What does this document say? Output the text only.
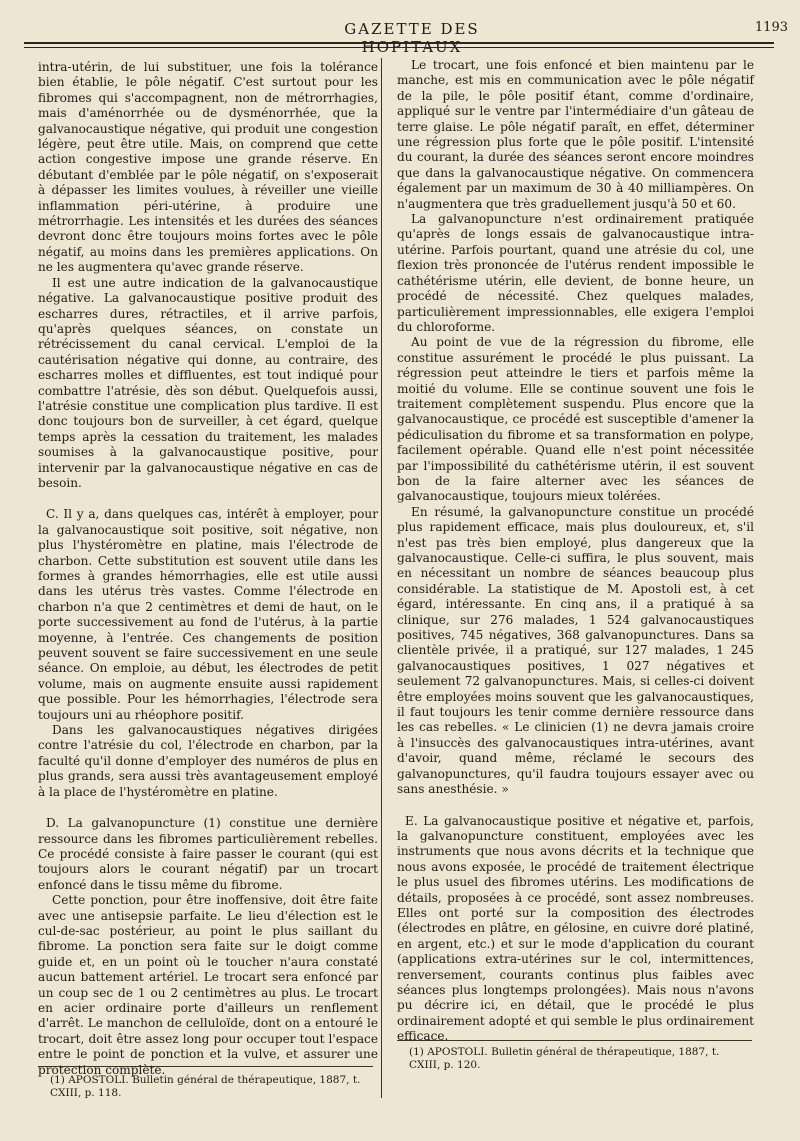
GAZETTE DES HOPITAUX
1193

intra-utérin, de lui substituer, une fois la tolérance bien établie, le pôle négatif. C'est surtout pour les fibromes qui s'accompagnent, non de métrorrhagies, mais d'aménorrhée ou de dysménorrhée, que la galvanocaustique négative, qui produit une congestion légère, peut être utile. Mais, on comprend que cette action congestive impose une grande réserve. En débutant d'emblée par le pôle négatif, on s'exposerait à dépasser les limites voulues, à réveiller une vieille inflammation péri-utérine, à produire une métrorrhagie. Les intensités et les durées des séances devront donc être toujours moins fortes avec le pôle négatif, au moins dans les premières applications. On ne les augmentera qu'avec grande réserve.

Il est une autre indication de la galvanocaustique négative. La galvanocaustique positive produit des escharres dures, rétractiles, et il arrive parfois, qu'après quelques séances, on constate un rétrécissement du canal cervical. L'emploi de la cautérisation négative qui donne, au contraire, des escharres molles et diffluentes, est tout indiqué pour combattre l'atrésie, dès son début. Quelquefois aussi, l'atrésie constitue une complication plus tardive. Il est donc toujours bon de surveiller, à cet égard, quelque temps après la cessation du traitement, les malades soumises à la galvanocaustique positive, pour intervenir par la galvanocaustique négative en cas de besoin.

C. Il y a, dans quelques cas, intérêt à employer, pour la galvanocaustique soit positive, soit négative, non plus l'hystéromètre en platine, mais l'électrode de charbon. Cette substitution est souvent utile dans les formes à grandes hémorrhagies, elle est utile aussi dans les utérus très vastes. Comme l'électrode en charbon n'a que 2 centimètres et demi de haut, on le porte successivement au fond de l'utérus, à la partie moyenne, à l'entrée. Ces changements de position peuvent souvent se faire successivement en une seule séance. On emploie, au début, les électrodes de petit volume, mais on augmente ensuite aussi rapidement que possible. Pour les hémorrhagies, l'électrode sera toujours uni au rhéophore positif.

Dans les galvanocaustiques négatives dirigées contre l'atrésie du col, l'électrode en charbon, par la faculté qu'il donne d'employer des numéros de plus en plus grands, sera aussi très avantageusement employé à la place de l'hystéromètre en platine.

D. La galvanopuncture (1) constitue une dernière ressource dans les fibromes particulièrement rebelles. Ce procédé consiste à faire passer le courant (qui est toujours alors le courant négatif) par un trocart enfoncé dans le tissu même du fibrome.

Cette ponction, pour être inoffensive, doit être faite avec une antisepsie parfaite. Le lieu d'élection est le cul-de-sac postérieur, au point le plus saillant du fibrome. La ponction sera faite sur le doigt comme guide et, en un point où le toucher n'aura constaté aucun battement artériel. Le trocart sera enfoncé par un coup sec de 1 ou 2 centimètres au plus. Le trocart en acier ordinaire porte d'ailleurs un renflement d'arrêt. Le manchon de celluloïde, dont on a entouré le trocart, doit être assez long pour occuper tout l'espace entre le point de ponction et la vulve, et assurer une protection complète.

Le trocart, une fois enfoncé et bien maintenu par le manche, est mis en communication avec le pôle négatif de la pile, le pôle positif étant, comme d'ordinaire, appliqué sur le ventre par l'intermédiaire d'un gâteau de terre glaise. Le pôle négatif paraît, en effet, déterminer une régression plus forte que le pôle positif. L'intensité du courant, la durée des séances seront encore moindres que dans la galvanocaustique négative. On commencera également par un maximum de 30 à 40 milliampères. On n'augmentera que très graduellement jusqu'à 50 et 60.

La galvanopuncture n'est ordinairement pratiquée qu'après de longs essais de galvanocaustique intra-utérine. Parfois pourtant, quand une atrésie du col, une flexion très prononcée de l'utérus rendent impossible le cathétérisme utérin, elle devient, de bonne heure, un procédé de nécessité. Chez quelques malades, particulièrement impressionnables, elle exigera l'emploi du chloroforme.

Au point de vue de la régression du fibrome, elle constitue assurément le procédé le plus puissant. La régression peut atteindre le tiers et parfois même la moitié du volume. Elle se continue souvent une fois le traitement complètement suspendu. Plus encore que la galvanocaustique, ce procédé est susceptible d'amener la pédiculisation du fibrome et sa transformation en polype, facilement opérable. Quand elle n'est point nécessitée par l'impossibilité du cathétérisme utérin, il est souvent bon de la faire alterner avec les séances de galvanocaustique, toujours mieux tolérées.

En résumé, la galvanopuncture constitue un procédé plus rapidement efficace, mais plus douloureux, et, s'il n'est pas très bien employé, plus dangereux que la galvanocaustique. Celle-ci suffira, le plus souvent, mais en nécessitant un nombre de séances beaucoup plus considérable. La statistique de M. Apostoli est, à cet égard, intéressante. En cinq ans, il a pratiqué à sa clinique, sur 276 malades, 1 524 galvanocaustiques positives, 745 négatives, 368 galvanopunctures. Dans sa clientèle privée, il a pratiqué, sur 127 malades, 1 245 galvanocaustiques positives, 1 027 négatives et seulement 72 galvanopunctures. Mais, si celles-ci doivent être employées moins souvent que les galvanocaustiques, il faut toujours les tenir comme dernière ressource dans les cas rebelles. « Le clinicien (1) ne devra jamais croire à l'insuccès des galvanocaustiques intra-utérines, avant d'avoir, quand même, réclamé le secours des galvanopunctures, qu'il faudra toujours essayer avec ou sans anesthésie. »

E. La galvanocaustique positive et négative et, parfois, la galvanopuncture constituent, employées avec les instruments que nous avons décrits et la technique que nous avons exposée, le procédé de traitement électrique le plus usuel des fibromes utérins. Les modifications de détails, proposées à ce procédé, sont assez nombreuses. Elles ont porté sur la composition des électrodes (électrodes en plâtre, en gélosine, en cuivre doré platiné, en argent, etc.) et sur le mode d'application du courant (applications extra-utérines sur le col, intermittences, renversement, courants continus plus faibles avec séances plus longtemps prolongées). Mais nous n'avons pu décrire ici, en détail, que le procédé le plus ordinairement adopté et qui semble le plus ordinairement efficace.

(1) APOSTOLI. Bulletin général de thérapeutique, 1887, t. CXIII, p. 118.
(1) APOSTOLI. Bulletin général de thérapeutique, 1887, t. CXIII, p. 120.
